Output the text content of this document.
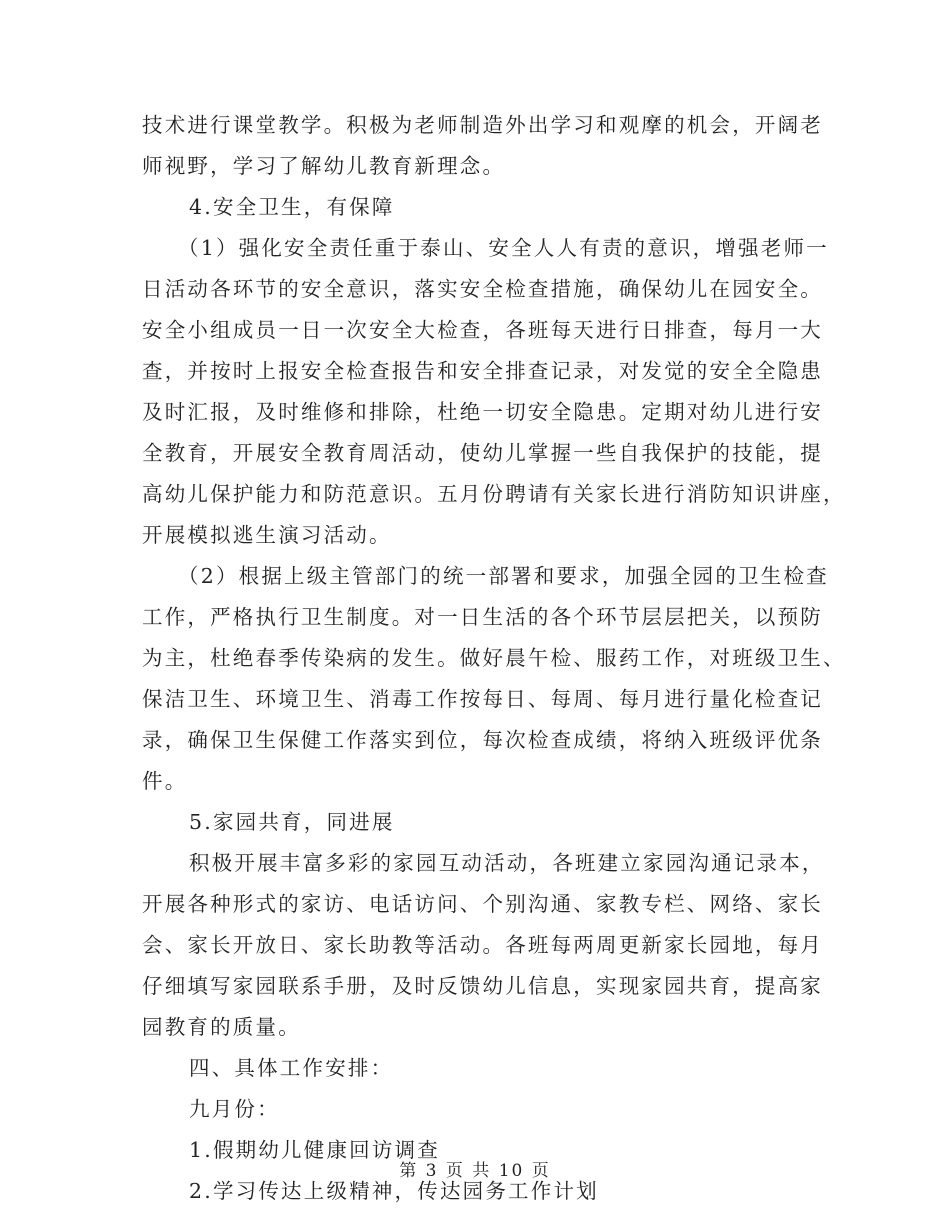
技术进行课堂教学。积极为老师制造外出学习和观摩的机会，开阔老
师视野，学习了解幼儿教育新理念。
4.安全卫生，有保障
（1）强化安全责任重于泰山、安全人人有责的意识，增强老师一
日活动各环节的安全意识，落实安全检查措施，确保幼儿在园安全。
安全小组成员一日一次安全大检查，各班每天进行日排查，每月一大
查，并按时上报安全检查报告和安全排查记录，对发觉的安全全隐患
及时汇报，及时维修和排除，杜绝一切安全隐患。定期对幼儿进行安
全教育，开展安全教育周活动，使幼儿掌握一些自我保护的技能，提
高幼儿保护能力和防范意识。五月份聘请有关家长进行消防知识讲座，
开展模拟逃生演习活动。
（2）根据上级主管部门的统一部署和要求，加强全园的卫生检查
工作，严格执行卫生制度。对一日生活的各个环节层层把关，以预防
为主，杜绝春季传染病的发生。做好晨午检、服药工作，对班级卫生、
保洁卫生、环境卫生、消毒工作按每日、每周、每月进行量化检查记
录，确保卫生保健工作落实到位，每次检查成绩，将纳入班级评优条
件。
5.家园共育，同进展
积极开展丰富多彩的家园互动活动，各班建立家园沟通记录本，
开展各种形式的家访、电话访问、个别沟通、家教专栏、网络、家长
会、家长开放日、家长助教等活动。各班每两周更新家长园地，每月
仔细填写家园联系手册，及时反馈幼儿信息，实现家园共育，提高家
园教育的质量。
四、具体工作安排：
九月份：
1.假期幼儿健康回访调查
2.学习传达上级精神，传达园务工作计划
第 3 页 共 10 页
